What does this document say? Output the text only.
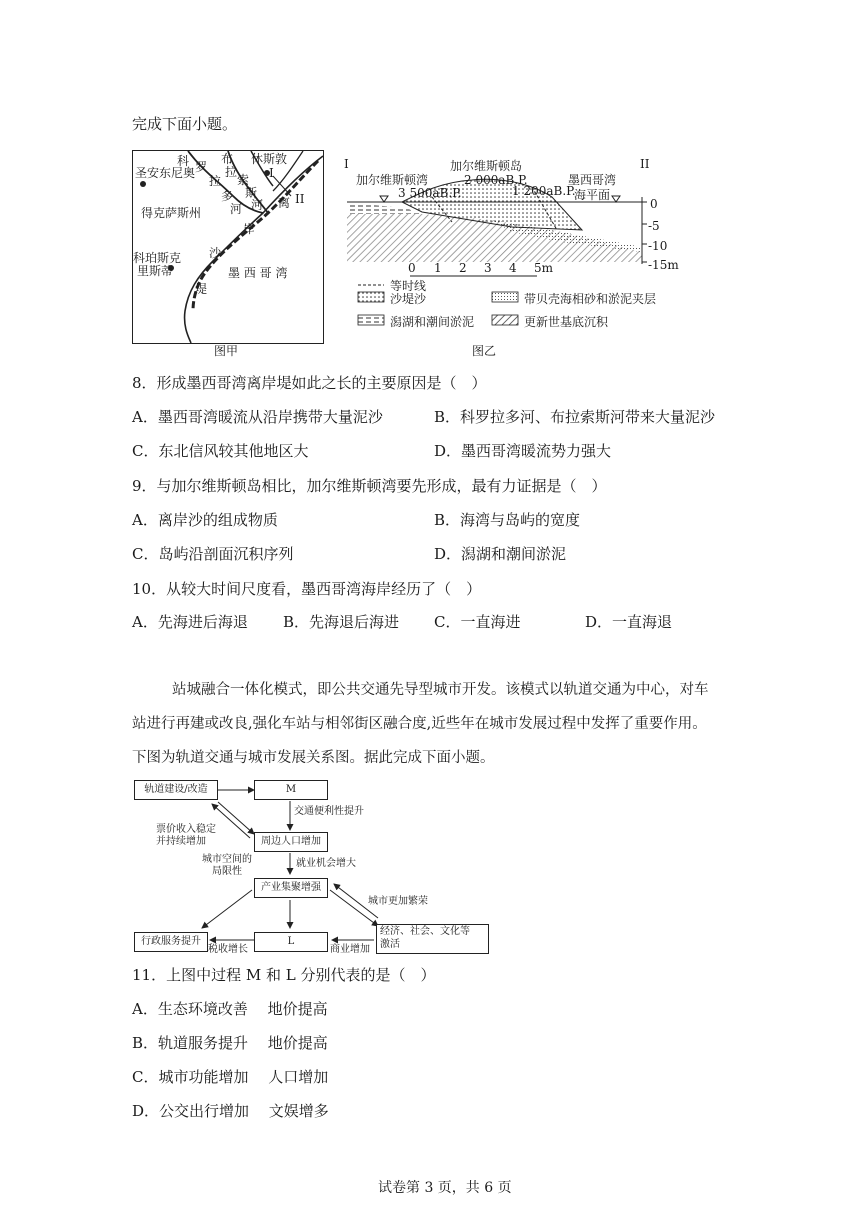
完成下面小题。
圣安东尼奥
休斯敦
得克萨斯州
科珀斯克
里斯蒂	墨 西 哥 湾
科 罗
拉
多
布
拉
索
斯
河 河 离
岸
沙
堤
I
II
图甲
I	II
加尔维斯顿岛
加尔维斯顿湾	2 000aB.P.
3 500aB.P.	1 200aB.P.
墨西哥湾
海平面
0
-5
-10
-15m
0 1 2 3 4 5m
等时线
沙堤沙
潟湖和潮间淤泥
带贝壳海相砂和淤泥夹层
更新世基底沉积
图乙
8．形成墨西哥湾离岸堤如此之长的主要原因是（　）
A．墨西哥湾暖流从沿岸携带大量泥沙	B．科罗拉多河、布拉索斯河带来大量泥沙
C．东北信风较其他地区大	D．墨西哥湾暖流势力强大
9．与加尔维斯顿岛相比，加尔维斯顿湾要先形成，最有力证据是（　）
A．离岸沙的组成物质	B．海湾与岛屿的宽度
C．岛屿沿剖面沉积序列	D．潟湖和潮间淤泥
10．从较大时间尺度看，墨西哥湾海岸经历了（　）
A．先海进后海退 B．先海退后海进 C．一直海进	D．一直海退
站城融合一体化模式，即公共交通先导型城市开发。该模式以轨道交通为中心，对车
站进行再建或改良,强化车站与相邻街区融合度,近些年在城市发展过程中发挥了重要作用。
下图为轨道交通与城市发展关系图。据此完成下面小题。
轨道建设/改造	M
周边人口增加
产业集聚增强
行政服务提升	L
经济、社会、文化等
激活
交通便利性提升
票价收入稳定
并持续增加
城市空间的
局限性
就业机会增大
城市更加繁荣
税收增长	商业增加
11．上图中过程 M 和 L 分别代表的是（　）
A．生态环境改善　 地价提高
B．轨道服务提升　 地价提高
C．城市功能增加　 人口增加
D．公交出行增加　 文娱增多
试卷第 3 页，共 6 页
